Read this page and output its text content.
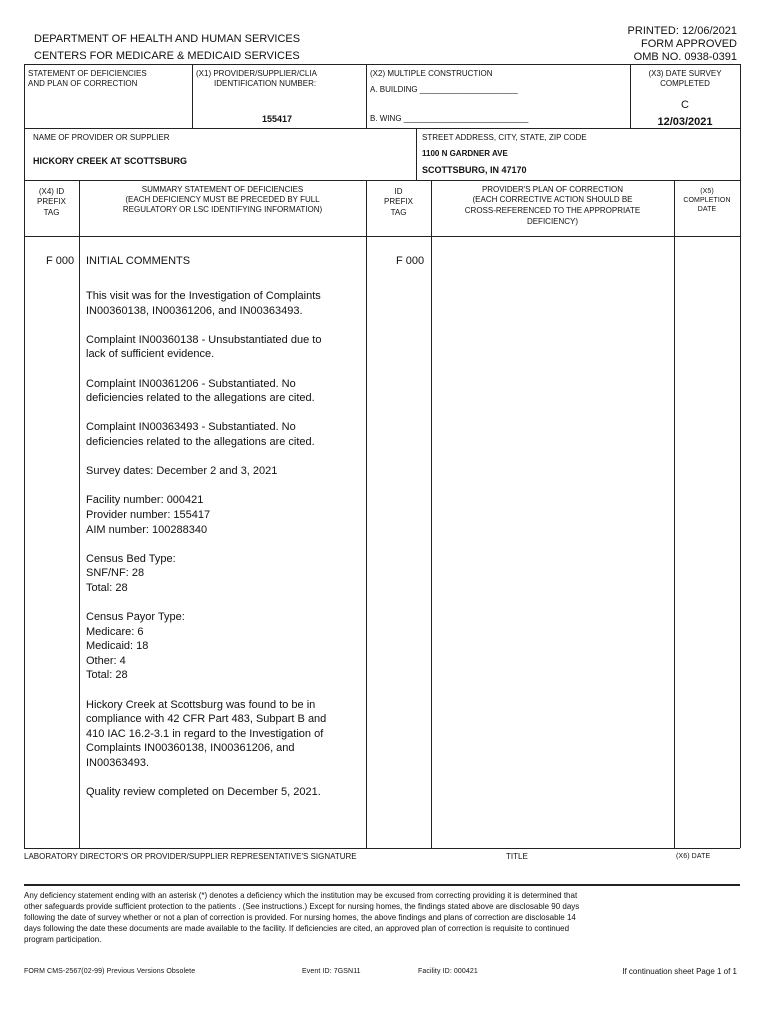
DEPARTMENT OF HEALTH AND HUMAN SERVICES
CENTERS FOR MEDICARE & MEDICAID SERVICES
PRINTED: 12/06/2021
FORM APPROVED
OMB NO. 0938-0391
STATEMENT OF DEFICIENCIES
AND PLAN OF CORRECTION
(X1) PROVIDER/SUPPLIER/CLIA
IDENTIFICATION NUMBER:
155417
(X2) MULTIPLE CONSTRUCTION
A. BUILDING ______________________
B. WING ____________________________
(X3) DATE SURVEY
COMPLETED
C
12/03/2021
NAME OF PROVIDER OR SUPPLIER
HICKORY CREEK AT SCOTTSBURG
STREET ADDRESS, CITY, STATE, ZIP CODE
1100 N GARDNER AVE
SCOTTSBURG, IN 47170
(X4) ID
PREFIX
TAG
SUMMARY STATEMENT OF DEFICIENCIES
(EACH DEFICIENCY MUST BE PRECEDED BY FULL
REGULATORY OR LSC IDENTIFYING INFORMATION)
ID
PREFIX
TAG
PROVIDER'S PLAN OF CORRECTION
(EACH CORRECTIVE ACTION SHOULD BE
CROSS-REFERENCED TO THE APPROPRIATE
DEFICIENCY)
(X5)
COMPLETION
DATE
F 000 INITIAL COMMENTS	F 000
This visit was for the Investigation of Complaints
IN00360138, IN00361206, and IN00363493.
Complaint IN00360138 - Unsubstantiated due to
lack of sufficient evidence.
Complaint IN00361206 - Substantiated. No
deficiencies related to the allegations are cited.
Complaint IN00363493 - Substantiated. No
deficiencies related to the allegations are cited.
Survey dates: December 2 and 3, 2021
Facility number: 000421
Provider number: 155417
AIM number: 100288340
Census Bed Type:
SNF/NF: 28
Total: 28
Census Payor Type:
Medicare: 6
Medicaid: 18
Other: 4
Total: 28
Hickory Creek at Scottsburg was found to be in
compliance with 42 CFR Part 483, Subpart B and
410 IAC 16.2-3.1 in regard to the Investigation of
Complaints IN00360138, IN00361206, and
IN00363493.
Quality review completed on December 5, 2021.
LABORATORY DIRECTOR'S OR PROVIDER/SUPPLIER REPRESENTATIVE'S SIGNATURE	TITLE	(X6) DATE
Any deficiency statement ending with an asterisk (*) denotes a deficiency which the institution may be excused from correcting providing it is determined that
other safeguards provide sufficient protection to the patients . (See instructions.) Except for nursing homes, the findings stated above are disclosable 90 days
following the date of survey whether or not a plan of correction is provided. For nursing homes, the above findings and plans of correction are disclosable 14
days following the date these documents are made available to the facility. If deficiencies are cited, an approved plan of correction is requisite to continued
program participation.
FORM CMS-2567(02-99) Previous Versions Obsolete	Event ID: 7GSN11	Facility ID: 000421	If continuation sheet Page 1 of 1
